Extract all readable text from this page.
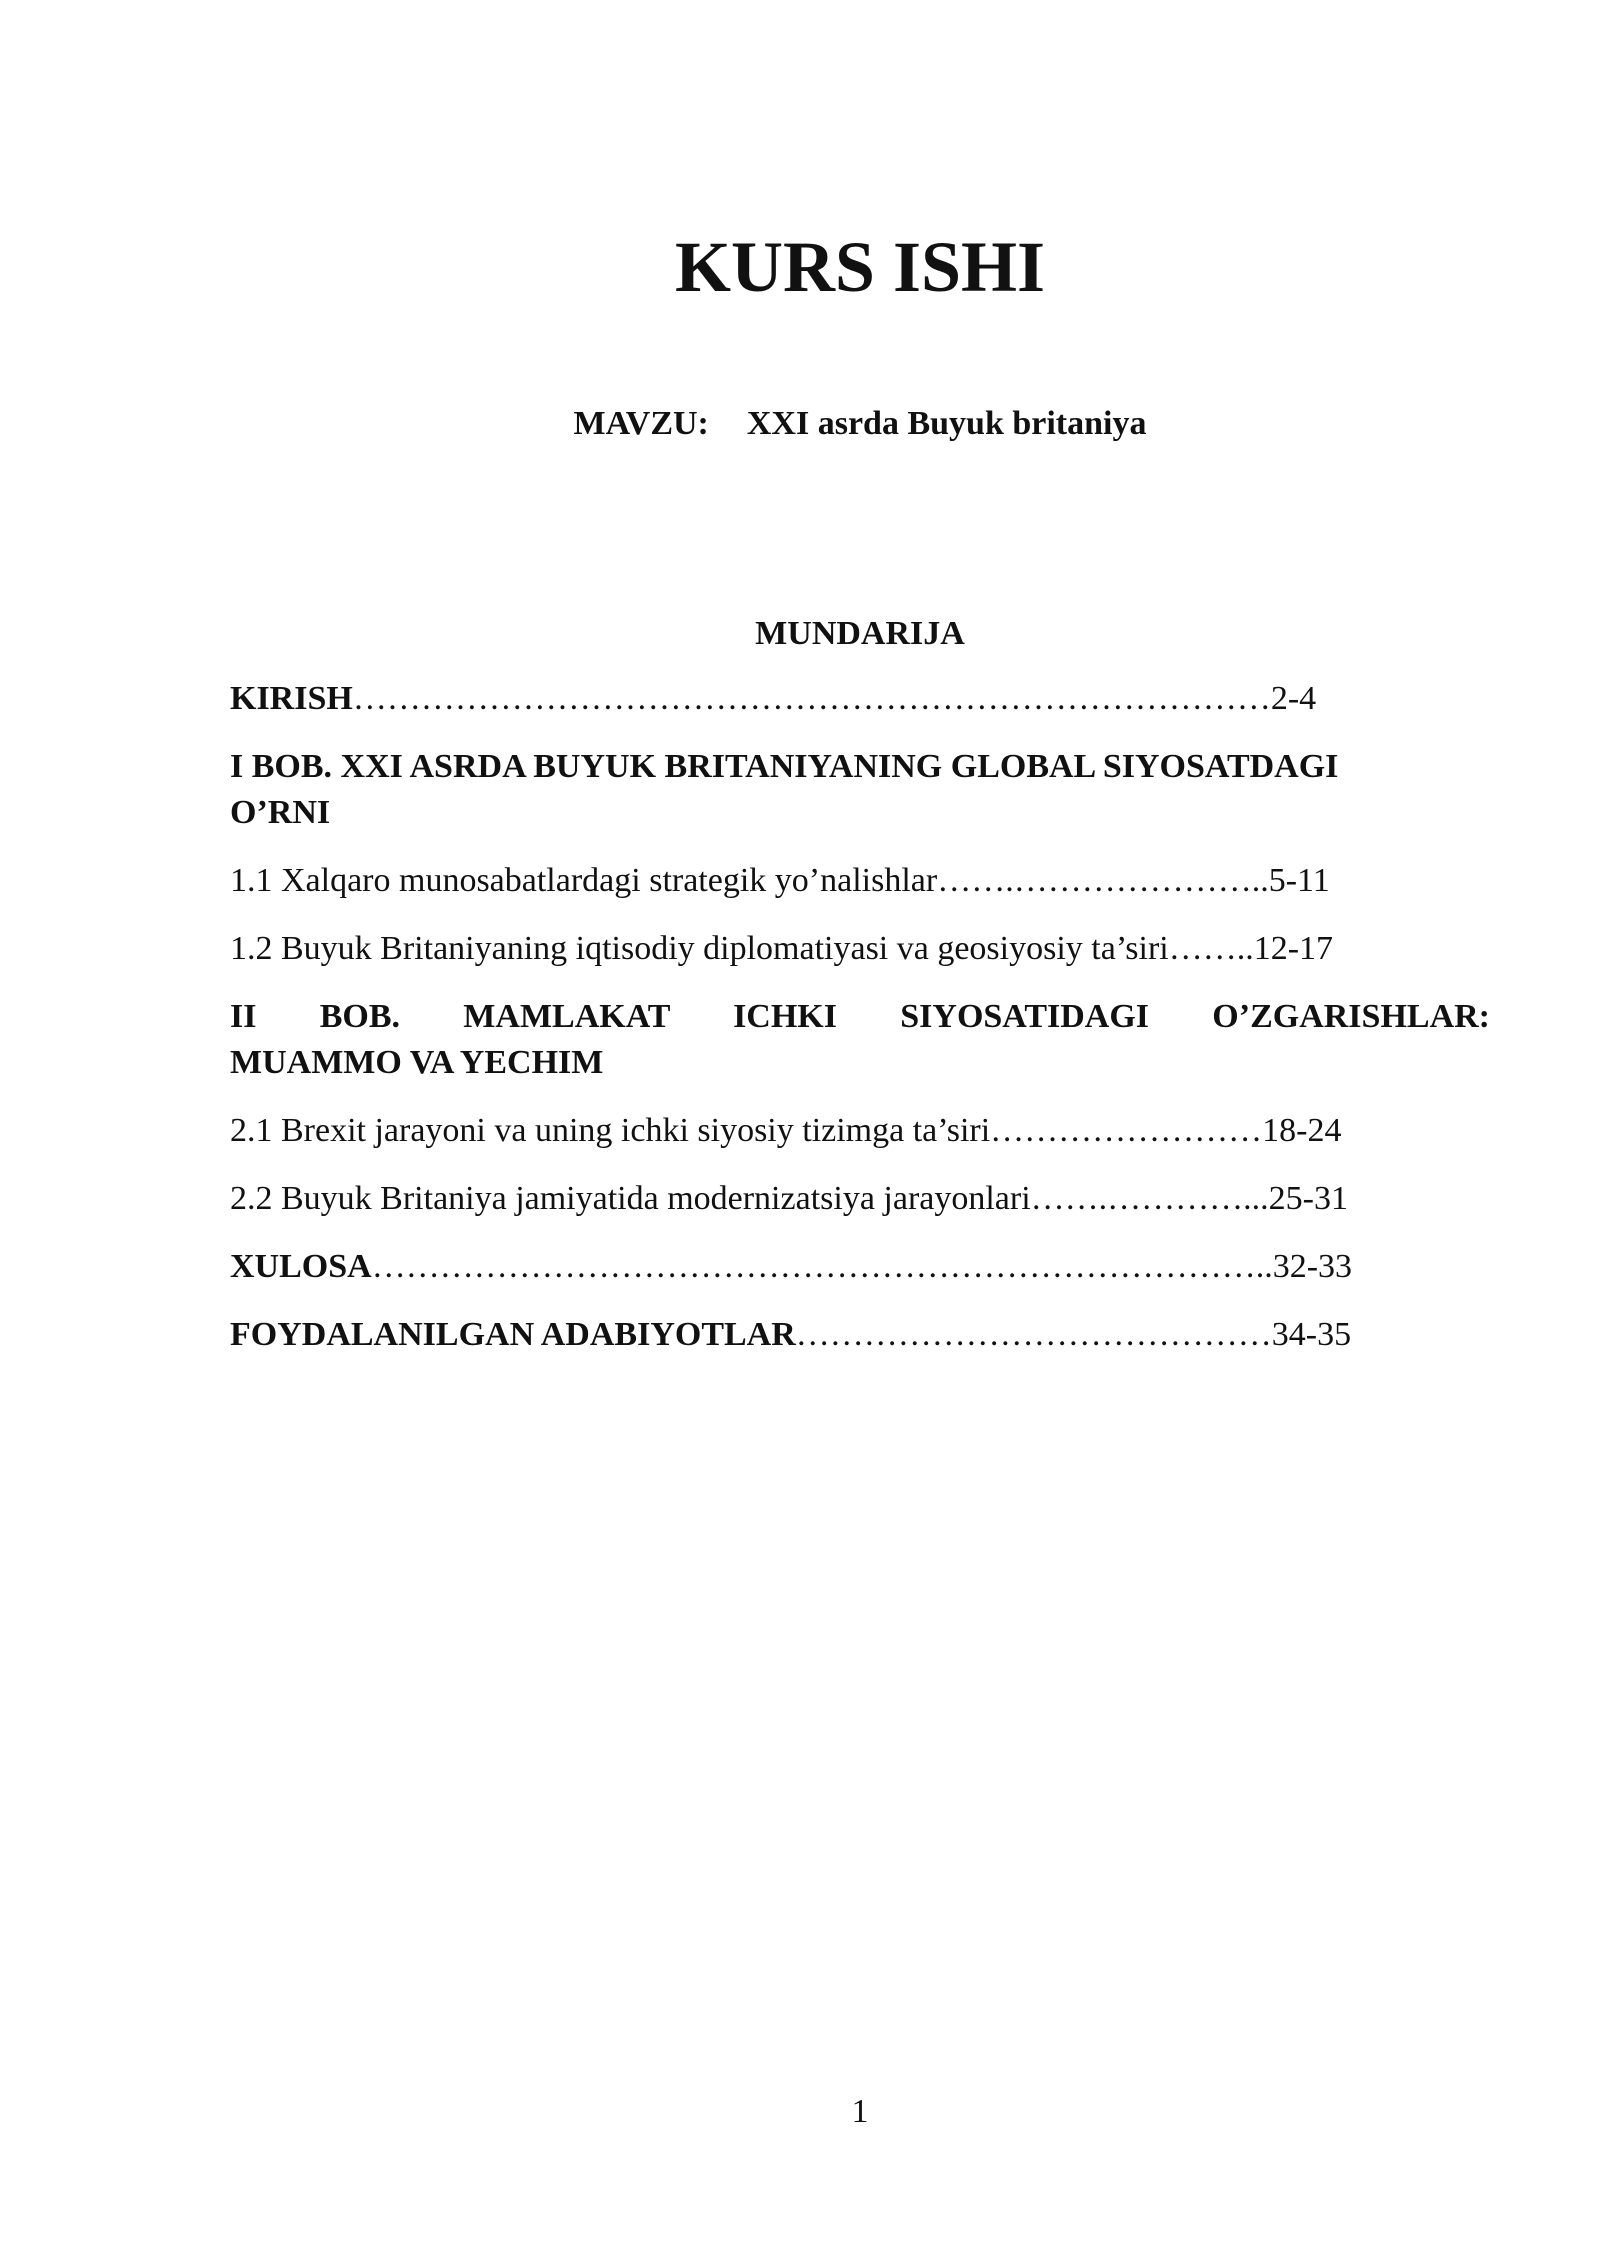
KURS ISHI
MAVZU: XXI asrda Buyuk britaniya
MUNDARIJA
KIRISH………………………………………………………………………2-4
I BOB. XXI ASRDA BUYUK BRITANIYANING GLOBAL SIYOSATDAGI
O’RNI
1.1 Xalqaro munosabatlardagi strategik yo’nalishlar…….…………………..5-11
1.2 Buyuk Britaniyaning iqtisodiy diplomatiyasi va geosiyosiy ta’siri……..12-17
II BOB. MAMLAKAT ICHKI SIYOSATIDAGI O’ZGARISHLAR:
MUAMMO VA YECHIM
2.1 Brexit jarayoni va uning ichki siyosiy tizimga ta’siri……………………18-24
2.2 Buyuk Britaniya jamiyatida modernizatsiya jarayonlari…….…………...25-31
XULOSA……………………………………………………………………..32-33
FOYDALANILGAN ADABIYOTLAR……………………………………34-35
1
